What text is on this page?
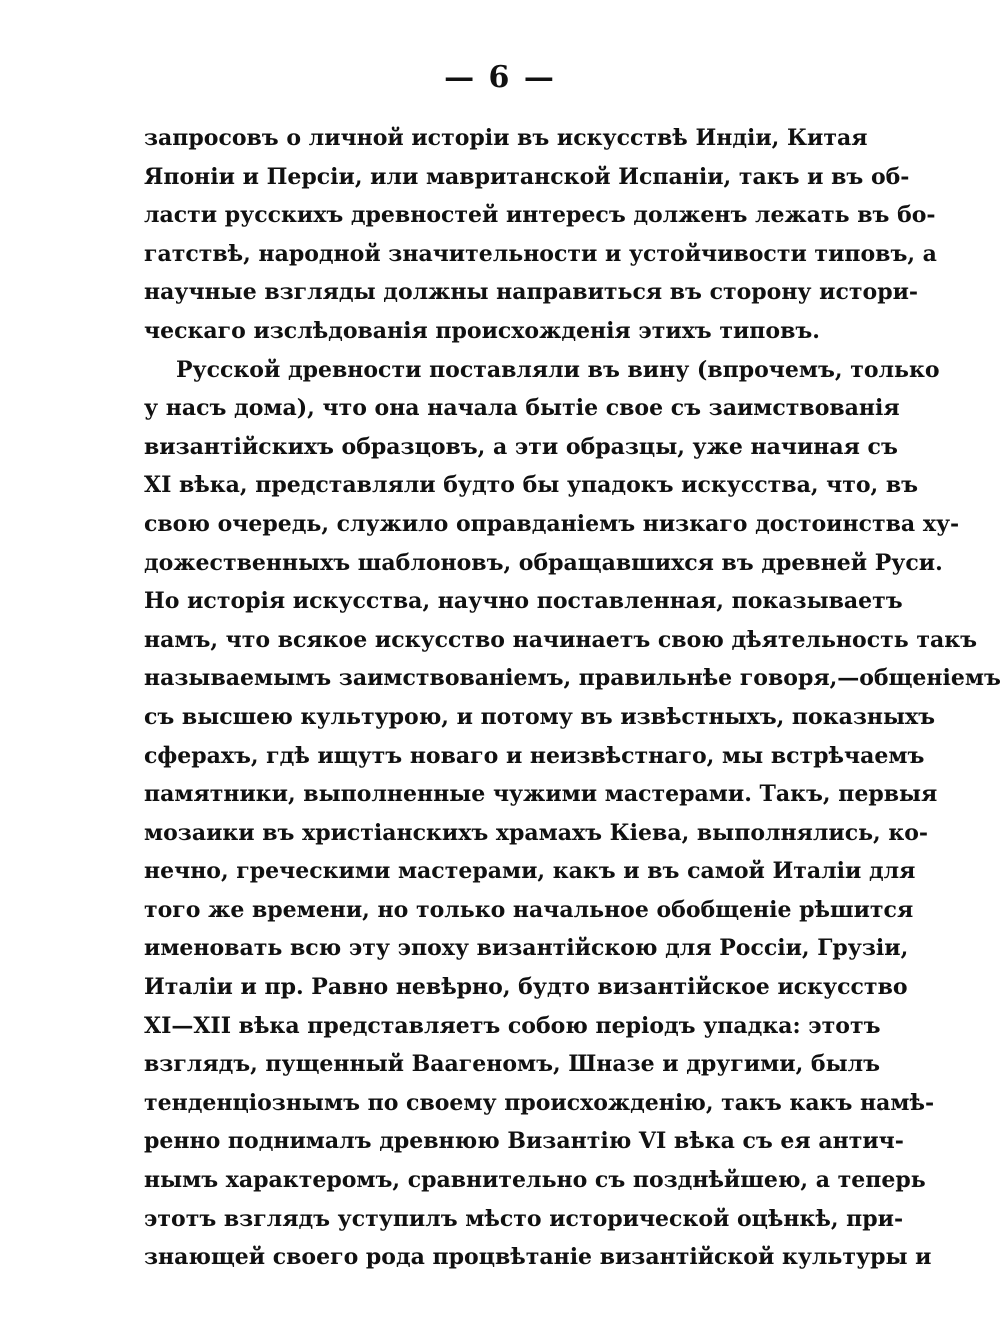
— 6 —
запросовъ о личной исторіи въ искусствѣ Индіи, Китая
Японіи и Персіи, или мавританской Испаніи, такъ и въ об-
ласти русскихъ древностей интересъ долженъ лежать въ бо-
гатствѣ, народной значительности и устойчивости типовъ, а
научные взгляды должны направиться въ сторону истори-
ческаго изслѣдованія происхожденія этихъ типовъ.
Русской древности поставляли въ вину (впрочемъ, только
у насъ дома), что она начала бытіе свое съ заимствованія
византійскихъ образцовъ, а эти образцы, уже начиная съ
XI вѣка, представляли будто бы упадокъ искусства, что, въ
свою очередь, служило оправданіемъ низкаго достоинства ху-
дожественныхъ шаблоновъ, обращавшихся въ древней Руси.
Но исторія искусства, научно поставленная, показываетъ
намъ, что всякое искусство начинаетъ свою дѣятельность такъ
называемымъ заимствованіемъ, правильнѣе говоря,—общеніемъ
съ высшею культурою, и потому въ извѣстныхъ, показныхъ
сферахъ, гдѣ ищутъ новаго и неизвѣстнаго, мы встрѣчаемъ
памятники, выполненные чужими мастерами. Такъ, первыя
мозаики въ христіанскихъ храмахъ Кіева, выполнялись, ко-
нечно, греческими мастерами, какъ и въ самой Италіи для
того же времени, но только начальное обобщеніе рѣшится
именовать всю эту эпоху византійскою для Россіи, Грузіи,
Италіи и пр. Равно невѣрно, будто византійское искусство
XI—XII вѣка представляетъ собою періодъ упадка: этотъ
взглядъ, пущенный Ваагеномъ, Шназе и другими, былъ
тенденціознымъ по своему происхожденію, такъ какъ намѣ-
ренно поднималъ древнюю Византію VI вѣка съ ея антич-
нымъ характеромъ, сравнительно съ позднѣйшею, а теперь
этотъ взглядъ уступилъ мѣсто исторической оцѣнкѣ, при-
знающей своего рода процвѣтаніе византійской культуры и
